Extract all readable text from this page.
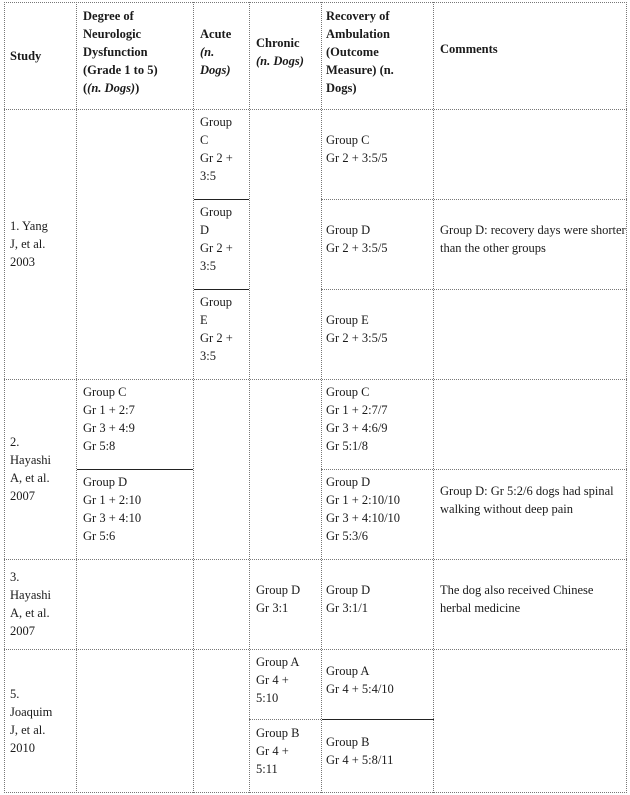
Study
Degree of
Neurologic
Dysfunction
(Grade 1 to 5)
((n. Dogs))
Acute
(n.
Dogs)
Chronic
(n. Dogs)
Recovery of
Ambulation
(Outcome
Measure) (n.
Dogs)
Comments
1. Yang
J, et al.
2003
Group
C
Gr 2 +
3:5
Group
D
Gr 2 +
3:5
Group
E
Gr 2 +
3:5
Group C
Gr 2 + 3:5/5
Group D
Gr 2 + 3:5/5
Group E
Gr 2 + 3:5/5
Group D: recovery days were shorter than the other groups
2.
Hayashi
A, et al.
2007
Group C
Gr 1 + 2:7
Gr 3 + 4:9
Gr 5:8
Group D
Gr 1 + 2:10
Gr 3 + 4:10
Gr 5:6
Group C
Gr 1 + 2:7/7
Gr 3 + 4:6/9
Gr 5:1/8
Group D
Gr 1 + 2:10/10
Gr 3 + 4:10/10
Gr 5:3/6
Group D: Gr 5:2/6 dogs had spinal walking without deep pain
3.
Hayashi
A, et al.
2007
Group D
Gr 3:1
Group D
Gr 3:1/1
The dog also received Chinese herbal medicine
5.
Joaquim
J, et al.
2010
Group A
Gr 4 +
5:10
Group B
Gr 4 +
5:11
Group A
Gr 4 + 5:4/10
Group B
Gr 4 + 5:8/11
